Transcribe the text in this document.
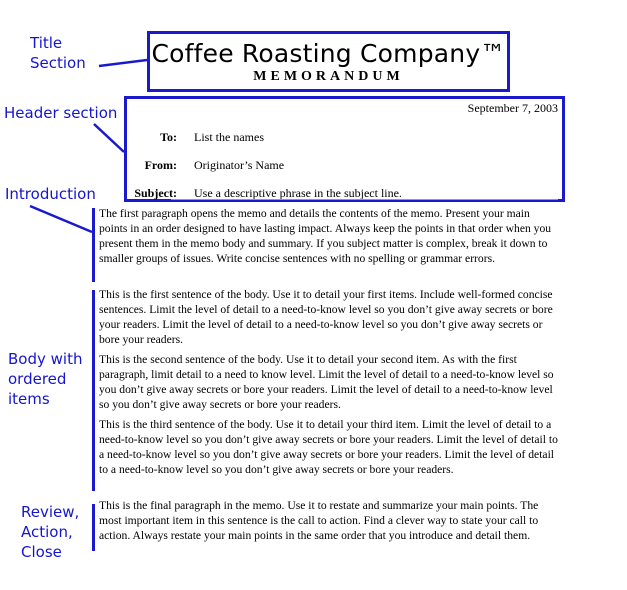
Title
Section
Header section
Introduction
Body with
ordered
items
Review,
Action,
Close
Coffee Roasting Company™
MEMORANDUM
September 7, 2003
To: List the names
From: Originator’s Name
Subject: Use a descriptive phrase in the subject line.
The first paragraph opens the memo and details the contents of the memo. Present your main points in an order designed to have lasting impact. Always keep the points in that order when you present them in the memo body and summary. If you subject matter is complex, break it down to smaller groups of issues. Write concise sentences with no spelling or grammar errors.
This is the first sentence of the body. Use it to detail your first items. Include well-formed concise sentences. Limit the level of detail to a need-to-know level so you don’t give away secrets or bore your readers. Limit the level of detail to a need-to-know level so you don’t give away secrets or bore your readers.
This is the second sentence of the body. Use it to detail your second item. As with the first paragraph, limit detail to a need to know level. Limit the level of detail to a need-to-know level so you don’t give away secrets or bore your readers. Limit the level of detail to a need-to-know level so you don’t give away secrets or bore your readers.
This is the third sentence of the body. Use it to detail your third item. Limit the level of detail to a need-to-know level so you don’t give away secrets or bore your readers. Limit the level of detail to a need-to-know level so you don’t give away secrets or bore your readers. Limit the level of detail to a need-to-know level so you don’t give away secrets or bore your readers.
This is the final paragraph in the memo. Use it to restate and summarize your main points. The most important item in this sentence is the call to action. Find a clever way to state your call to action. Always restate your main points in the same order that you introduce and detail them.
